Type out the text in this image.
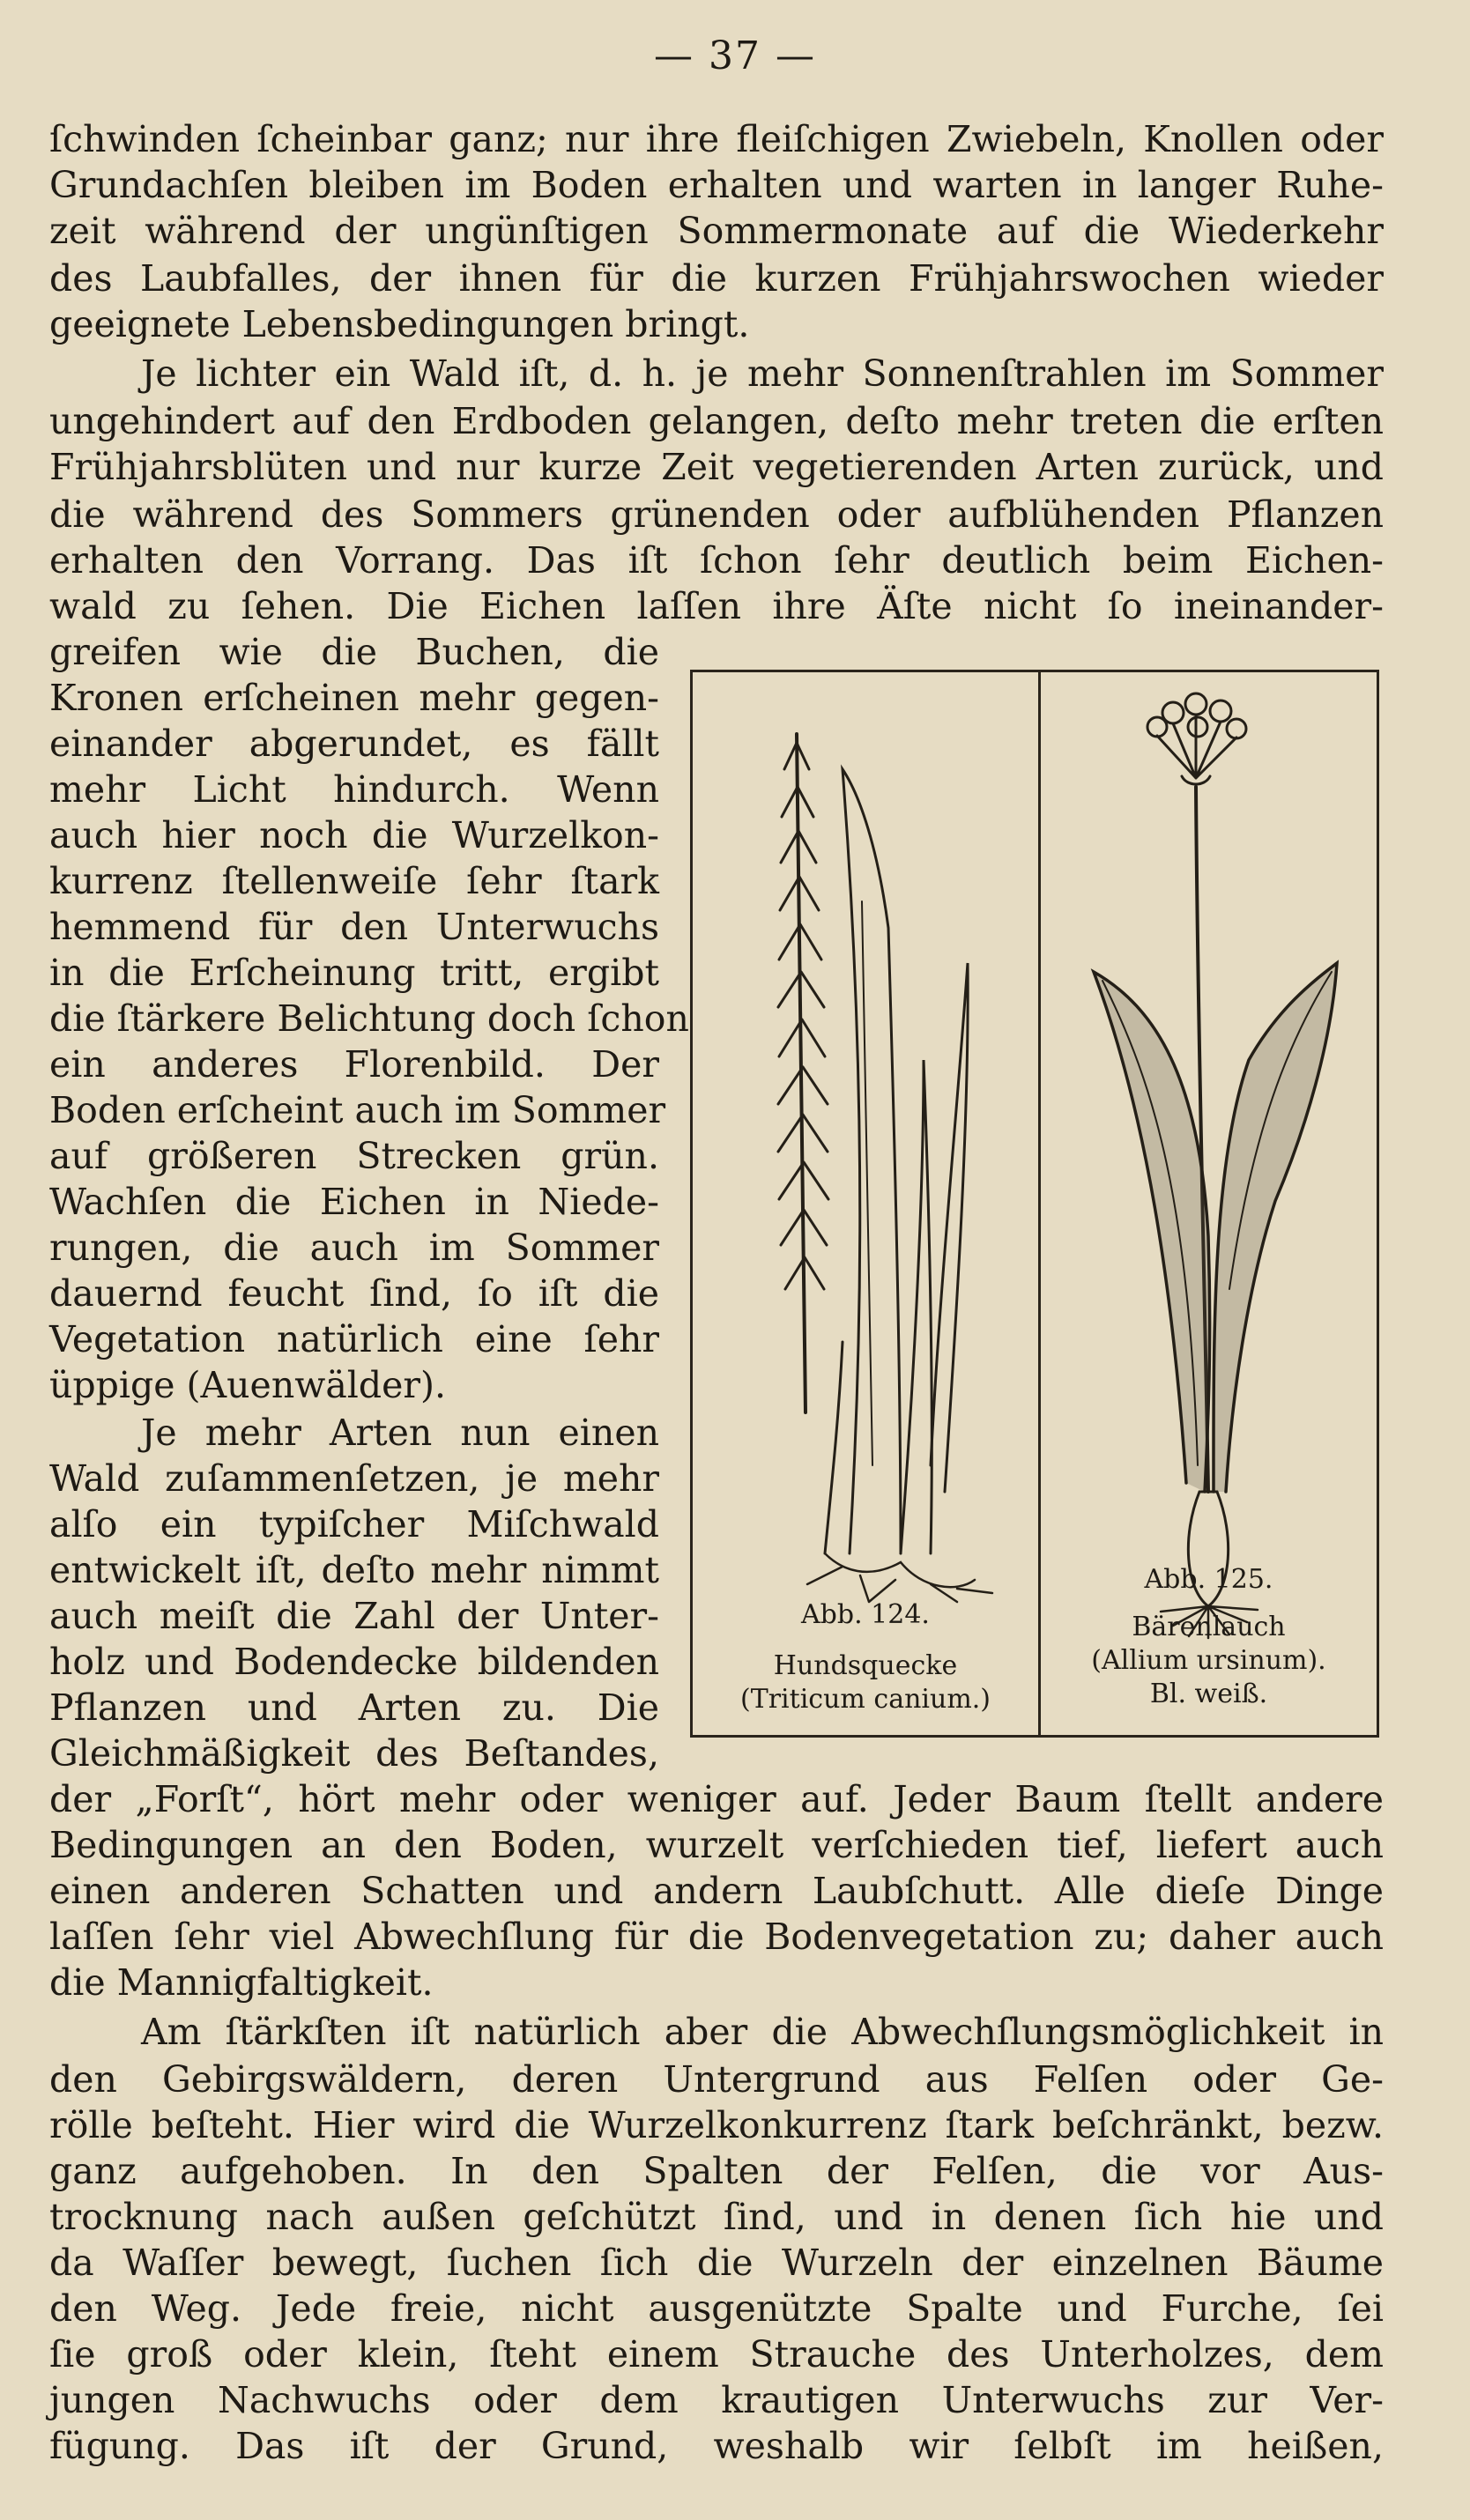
— 37 —
ſchwinden ſcheinbar ganz; nur ihre fleiſchigen Zwiebeln, Knollen oder
Grundachſen bleiben im Boden erhalten und warten in langer Ruhe-
zeit während der ungünſtigen Sommermonate auf die Wiederkehr
des Laubfalles, der ihnen für die kurzen Frühjahrswochen wieder
geeignete Lebensbedingungen bringt.
Je lichter ein Wald iſt, d. h. je mehr Sonnenſtrahlen im Sommer
ungehindert auf den Erdboden gelangen, deſto mehr treten die erſten
Frühjahrsblüten und nur kurze Zeit vegetierenden Arten zurück, und
die während des Sommers grünenden oder aufblühenden Pflanzen
erhalten den Vorrang. Das iſt ſchon ſehr deutlich beim Eichen-
wald zu ſehen. Die Eichen laſſen ihre Äſte nicht ſo ineinander-
greifen wie die Buchen, die
Kronen erſcheinen mehr gegen-
einander abgerundet, es fällt
mehr Licht hindurch. Wenn
auch hier noch die Wurzelkon-
kurrenz ſtellenweiſe ſehr ſtark
hemmend für den Unterwuchs
in die Erſcheinung tritt, ergibt
die ſtärkere Belichtung doch ſchon
ein anderes Florenbild. Der
Boden erſcheint auch im Sommer
auf größeren Strecken grün.
Wachſen die Eichen in Niede-
rungen, die auch im Sommer
dauernd feucht ſind, ſo iſt die
Vegetation natürlich eine ſehr
üppige (Auenwälder).
Je mehr Arten nun einen
Wald zuſammenſetzen, je mehr
alſo ein typiſcher Miſchwald
entwickelt iſt, deſto mehr nimmt
auch meiſt die Zahl der Unter-
holz und Bodendecke bildenden
Pflanzen und Arten zu. Die
Gleichmäßigkeit des Beſtandes,
der „Forſt“, hört mehr oder weniger auf. Jeder Baum ſtellt andere
Bedingungen an den Boden, wurzelt verſchieden tief, liefert auch
einen anderen Schatten und andern Laubſchutt. Alle dieſe Dinge
laſſen ſehr viel Abwechſlung für die Bodenvegetation zu; daher auch
die Mannigfaltigkeit.
Am ſtärkſten iſt natürlich aber die Abwechſlungsmöglichkeit in
den Gebirgswäldern, deren Untergrund aus Felſen oder Ge-
rölle beſteht. Hier wird die Wurzelkonkurrenz ſtark beſchränkt, bezw.
ganz aufgehoben. In den Spalten der Felſen, die vor Aus-
trocknung nach außen geſchützt ſind, und in denen ſich hie und
da Waſſer bewegt, ſuchen ſich die Wurzeln der einzelnen Bäume
den Weg. Jede freie, nicht ausgenützte Spalte und Furche, ſei
ſie groß oder klein, ſteht einem Strauche des Unterholzes, dem
jungen Nachwuchs oder dem krautigen Unterwuchs zur Ver-
fügung. Das iſt der Grund, weshalb wir ſelbſt im heißen,
Abb. 124.
Hundsquecke
(Triticum canium.)
Abb. 125.
Bärenlauch
(Allium ursinum).
Bl. weiß.
